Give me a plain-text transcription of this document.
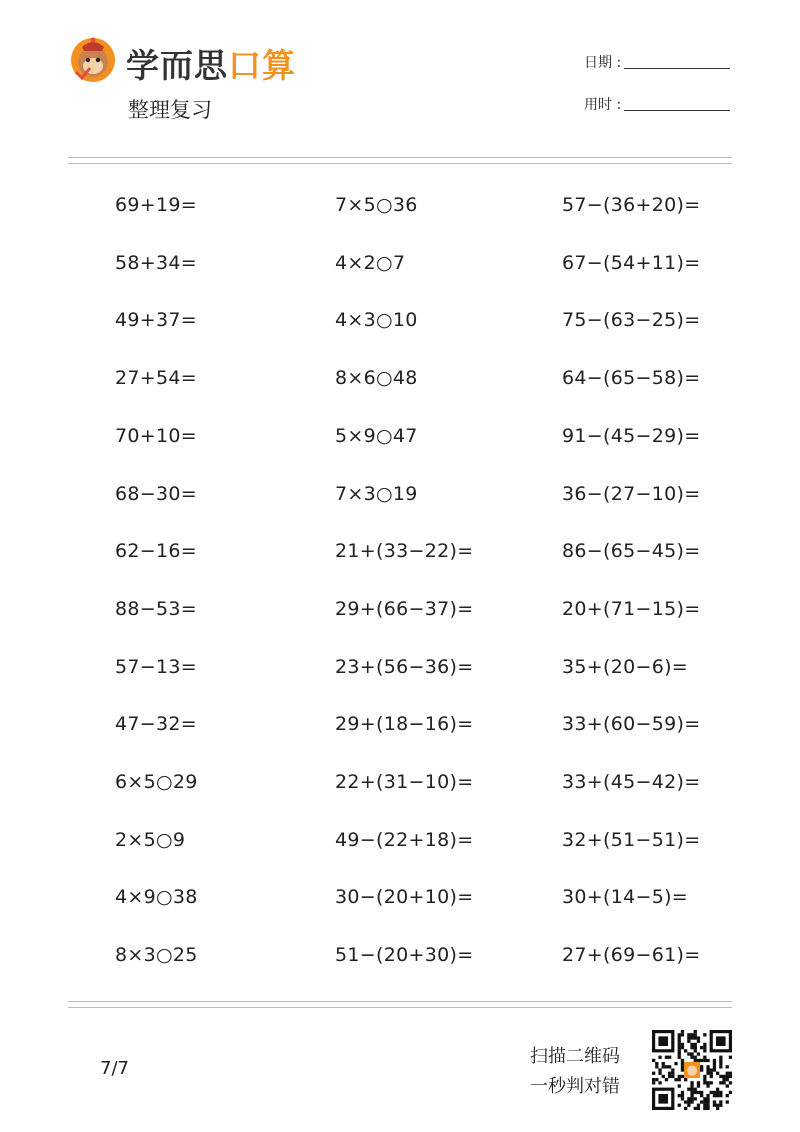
学而思口算
整理复习
日期 :
用时 :
69+19=	7×5○36	57−(36+20)=
58+34=	4×2○7	67−(54+11)=
49+37=	4×3○10	75−(63−25)=
27+54=	8×6○48	64−(65−58)=
70+10=	5×9○47	91−(45−29)=
68−30=	7×3○19	36−(27−10)=
62−16=	21+(33−22)=	86−(65−45)=
88−53=	29+(66−37)=	20+(71−15)=
57−13=	23+(56−36)=	35+(20−6)=
47−32=	29+(18−16)=	33+(60−59)=
6×5○29	22+(31−10)=	33+(45−42)=
2×5○9	49−(22+18)=	32+(51−51)=
4×9○38	30−(20+10)=	30+(14−5)=
8×3○25	51−(20+30)=	27+(69−61)=
7/7
扫描二维码
一秒判对错
